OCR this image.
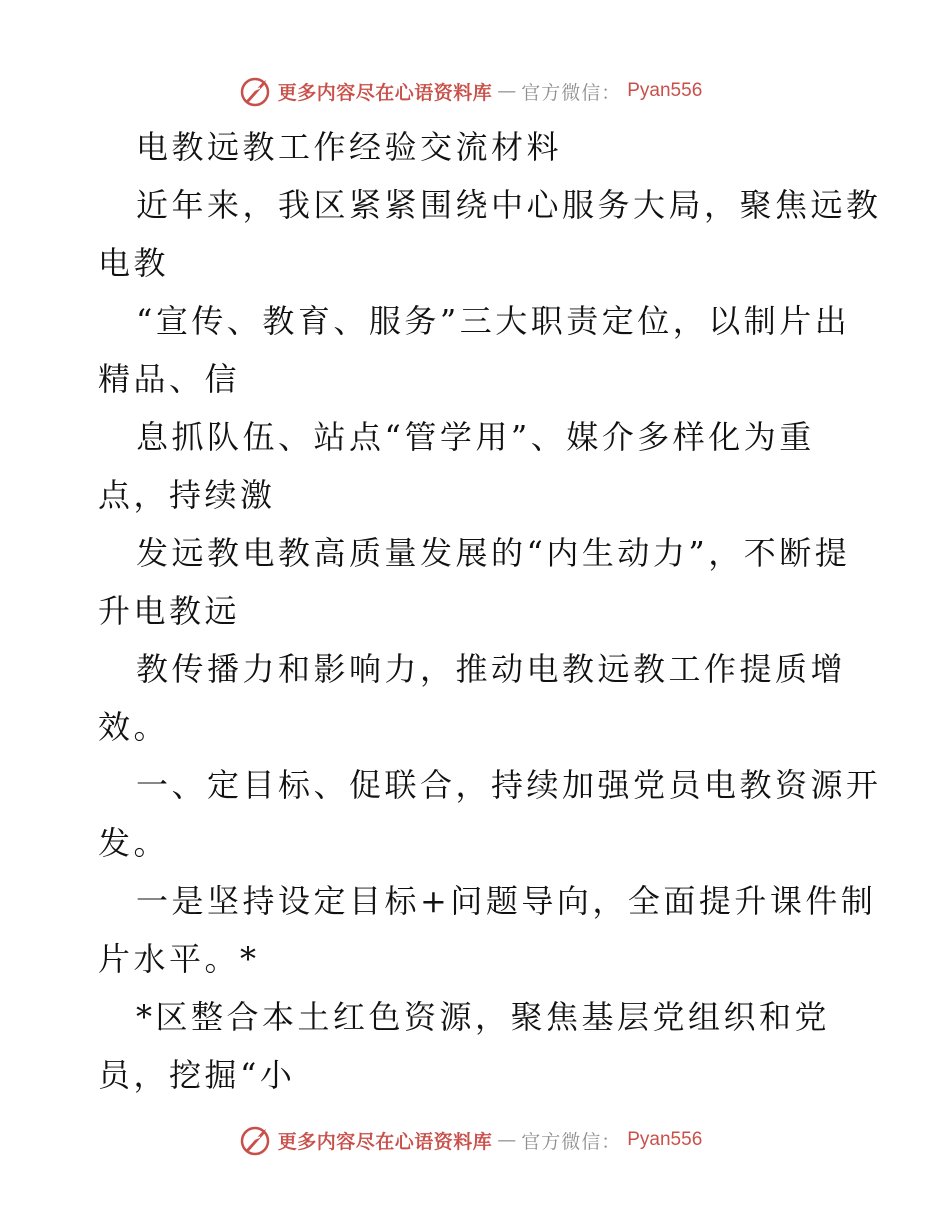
更多内容尽在心语资料库 — 官方微信： Pyan556
电教远教工作经验交流材料
近年来，我区紧紧围绕中心服务大局，聚焦远教
电教
“宣传、教育、服务”三大职责定位，以制片出
精品、信
息抓队伍、站点“管学用”、媒介多样化为重
点，持续激
发远教电教高质量发展的“内生动力”，不断提
升电教远
教传播力和影响力，推动电教远教工作提质增
效。
一、定目标、促联合，持续加强党员电教资源开
发。
一是坚持设定目标+问题导向，全面提升课件制
片水平。*
*区整合本土红色资源，聚焦基层党组织和党
员，挖掘“小
更多内容尽在心语资料库 — 官方微信： Pyan556
